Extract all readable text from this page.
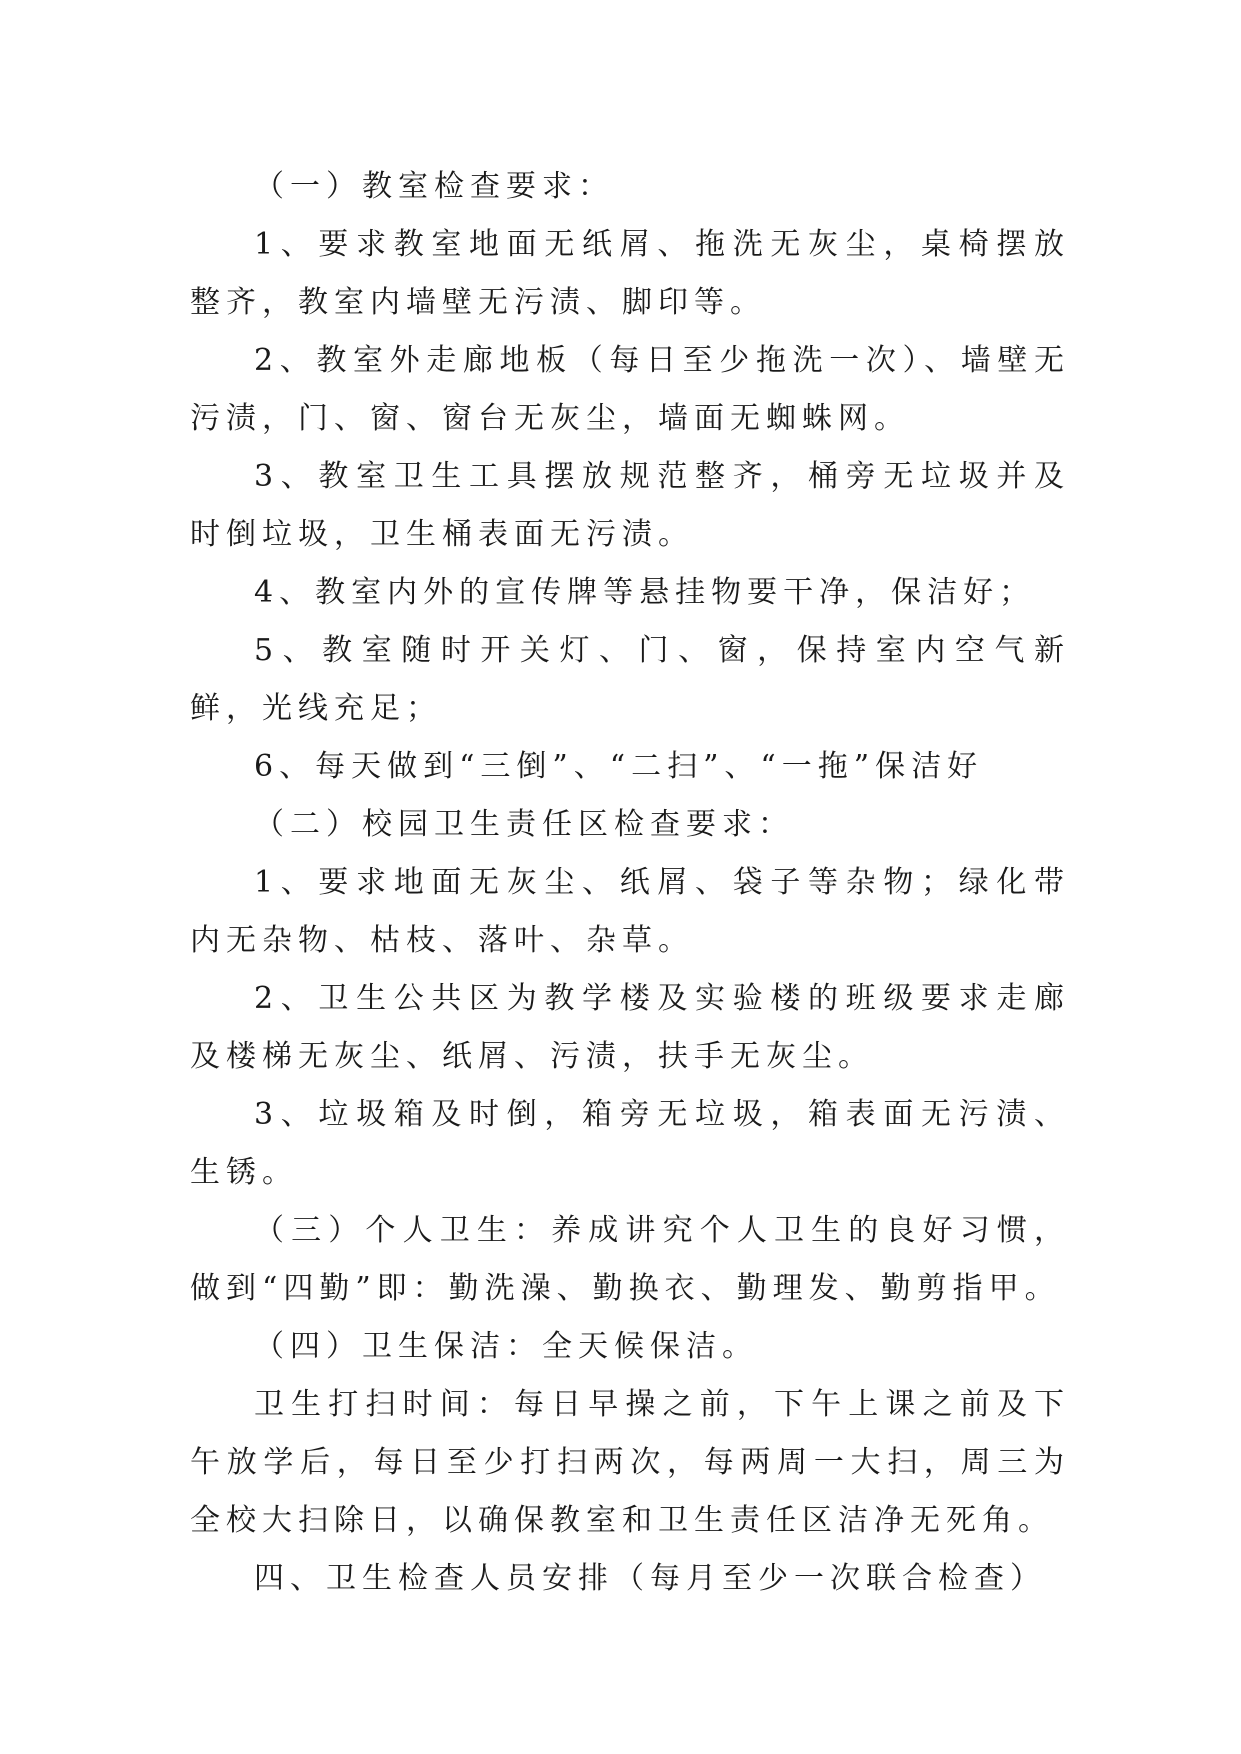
（一）教室检查要求：

1、要求教室地面无纸屑、拖洗无灰尘，桌椅摆放整齐，教室内墙壁无污渍、脚印等。

2、教室外走廊地板（每日至少拖洗一次）、墙壁无污渍，门、窗、窗台无灰尘，墙面无蜘蛛网。

3、教室卫生工具摆放规范整齐，桶旁无垃圾并及时倒垃圾，卫生桶表面无污渍。

4、教室内外的宣传牌等悬挂物要干净，保洁好；

5、教室随时开关灯、门、窗，保持室内空气新鲜，光线充足；

6、每天做到“三倒”、“二扫”、“一拖”保洁好

（二）校园卫生责任区检查要求：

1、要求地面无灰尘、纸屑、袋子等杂物；绿化带内无杂物、枯枝、落叶、杂草。

2、卫生公共区为教学楼及实验楼的班级要求走廊及楼梯无灰尘、纸屑、污渍，扶手无灰尘。

3、垃圾箱及时倒，箱旁无垃圾，箱表面无污渍、生锈。

（三）个人卫生：养成讲究个人卫生的良好习惯，做到“四勤”即：勤洗澡、勤换衣、勤理发、勤剪指甲。

（四）卫生保洁：全天候保洁。

卫生打扫时间：每日早操之前，下午上课之前及下午放学后，每日至少打扫两次，每两周一大扫，周三为全校大扫除日，以确保教室和卫生责任区洁净无死角。

四、卫生检查人员安排（每月至少一次联合检查）
